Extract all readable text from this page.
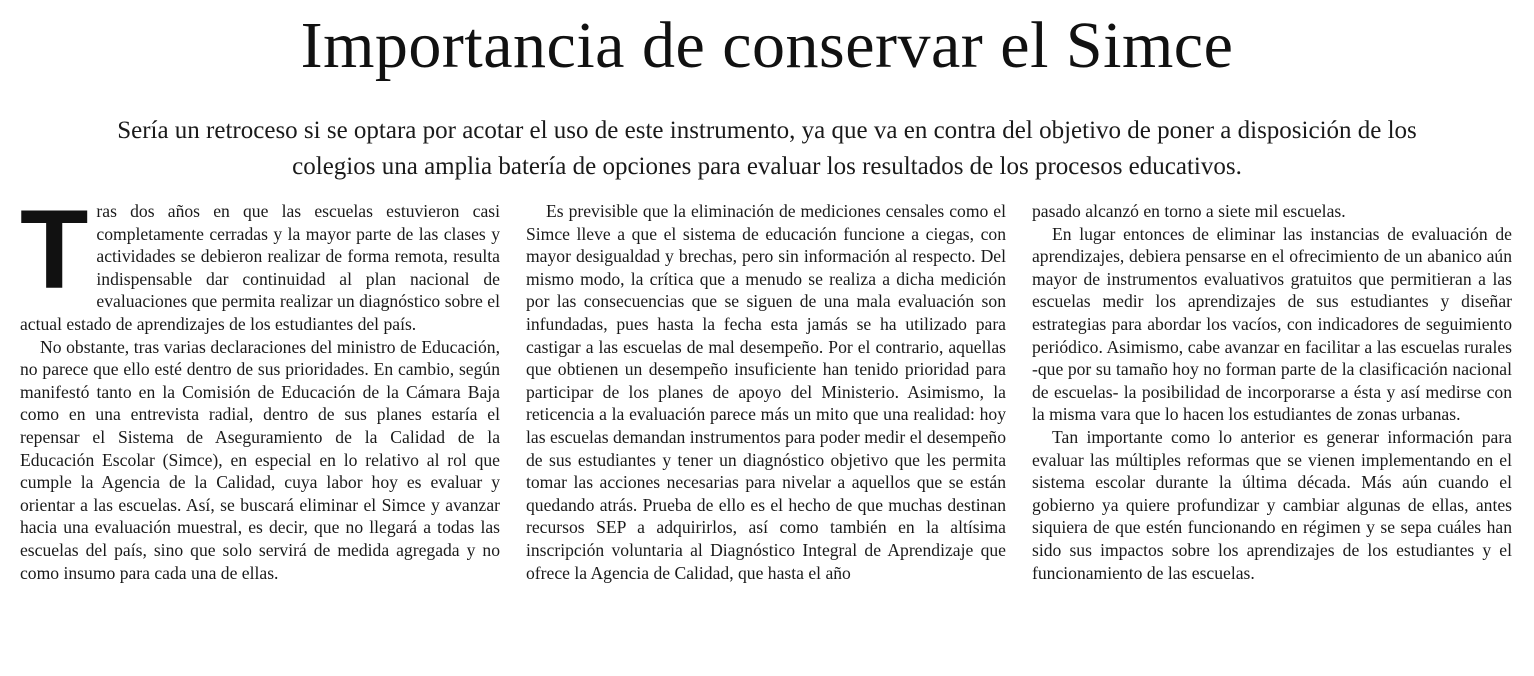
Importancia de conservar el Simce

Sería un retroceso si se optara por acotar el uso de este instrumento, ya que va en contra del objetivo de poner a disposición de los colegios una amplia batería de opciones para evaluar los resultados de los procesos educativos.

T ras dos años en que las escuelas estuvieron casi completamente cerradas y la mayor parte de las clases y actividades se debieron realizar de forma remota, resulta indispensable dar continuidad al plan nacional de evaluaciones que permita realizar un diagnóstico sobre el actual estado de aprendizajes de los estudiantes del país.

No obstante, tras varias declaraciones del ministro de Educación, no parece que ello esté dentro de sus prioridades. En cambio, según manifestó tanto en la Comisión de Educación de la Cámara Baja como en una entrevista radial, dentro de sus planes estaría el repensar el Sistema de Aseguramiento de la Calidad de la Educación Escolar (Simce), en especial en lo relativo al rol que cumple la Agencia de la Calidad, cuya labor hoy es evaluar y orientar a las escuelas. Así, se buscará eliminar el Simce y avanzar hacia una evaluación muestral, es decir, que no llegará a todas las escuelas del país, sino que solo servirá de medida agregada y no como insumo para cada una de ellas.

Es previsible que la eliminación de mediciones censales como el Simce lleve a que el sistema de educación funcione a ciegas, con mayor desigualdad y brechas, pero sin información al respecto. Del mismo modo, la crítica que a menudo se realiza a dicha medición por las consecuencias que se siguen de una mala evaluación son infundadas, pues hasta la fecha esta jamás se ha utilizado para castigar a las escuelas de mal desempeño. Por el contrario, aquellas que obtienen un desempeño insuficiente han tenido prioridad para participar de los planes de apoyo del Ministerio. Asimismo, la reticencia a la evaluación parece más un mito que una realidad: hoy las escuelas demandan instrumentos para poder medir el desempeño de sus estudiantes y tener un diagnóstico objetivo que les permita tomar las acciones necesarias para nivelar a aquellos que se están quedando atrás. Prueba de ello es el hecho de que muchas destinan recursos SEP a adquirirlos, así como también en la altísima inscripción voluntaria al Diagnóstico Integral de Aprendizaje que ofrece la Agencia de Calidad, que hasta el año

pasado alcanzó en torno a siete mil escuelas.

En lugar entonces de eliminar las instancias de evaluación de aprendizajes, debiera pensarse en el ofrecimiento de un abanico aún mayor de instrumentos evaluativos gratuitos que permitieran a las escuelas medir los aprendizajes de sus estudiantes y diseñar estrategias para abordar los vacíos, con indicadores de seguimiento periódico. Asimismo, cabe avanzar en facilitar a las escuelas rurales -que por su tamaño hoy no forman parte de la clasificación nacional de escuelas- la posibilidad de incorporarse a ésta y así medirse con la misma vara que lo hacen los estudiantes de zonas urbanas.

Tan importante como lo anterior es generar información para evaluar las múltiples reformas que se vienen implementando en el sistema escolar durante la última década. Más aún cuando el gobierno ya quiere profundizar y cambiar algunas de ellas, antes siquiera de que estén funcionando en régimen y se sepa cuáles han sido sus impactos sobre los aprendizajes de los estudiantes y el funcionamiento de las escuelas.
